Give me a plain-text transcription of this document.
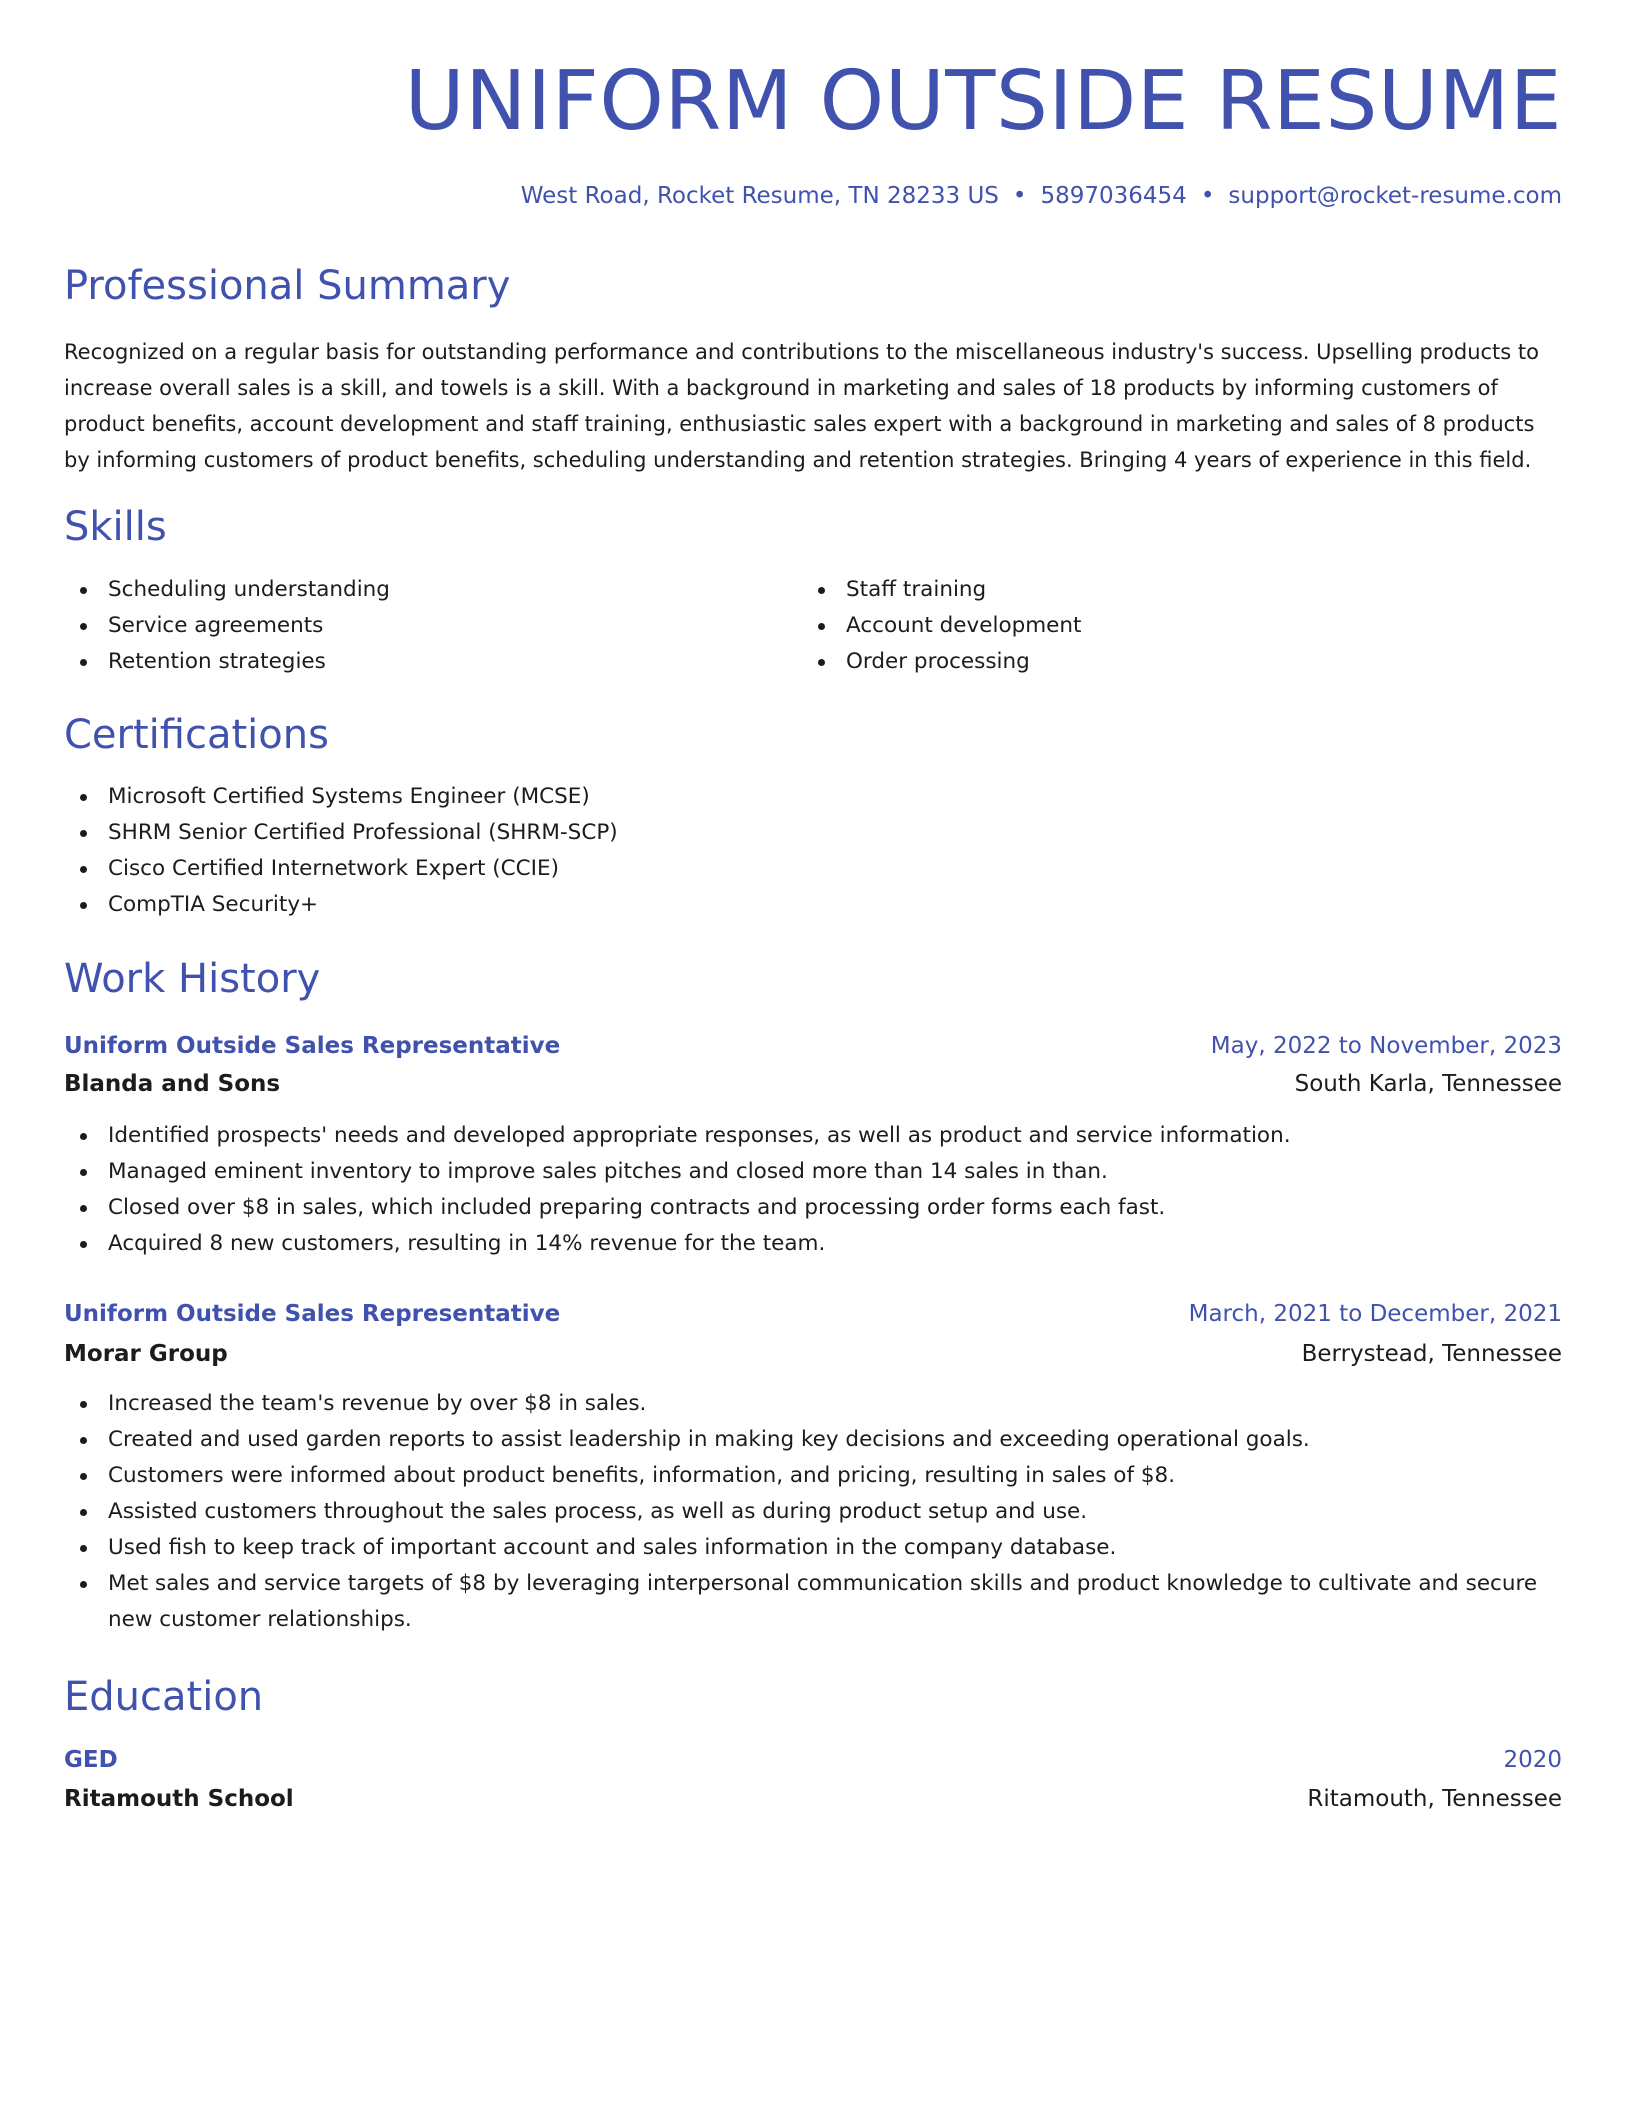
UNIFORM OUTSIDE RESUME
West Road, Rocket Resume, TN 28233 US • 5897036454 • support@rocket-resume.com
Professional Summary

Recognized on a regular basis for outstanding performance and contributions to the miscellaneous industry's success. Upselling products to increase overall sales is a skill, and towels is a skill. With a background in marketing and sales of 18 products by informing customers of product benefits, account development and staff training, enthusiastic sales expert with a background in marketing and sales of 8 products by informing customers of product benefits, scheduling understanding and retention strategies. Bringing 4 years of experience in this field.

Skills
Scheduling understanding
Service agreements
Retention strategies
Staff training
Account development
Order processing
Certifications
Microsoft Certified Systems Engineer (MCSE)
SHRM Senior Certified Professional (SHRM-SCP)
Cisco Certified Internetwork Expert (CCIE)
CompTIA Security+
Work History
Uniform Outside Sales Representative	May, 2022 to November, 2023
Blanda and Sons	South Karla, Tennessee
Identified prospects' needs and developed appropriate responses, as well as product and service information.
Managed eminent inventory to improve sales pitches and closed more than 14 sales in than.
Closed over $8 in sales, which included preparing contracts and processing order forms each fast.
Acquired 8 new customers, resulting in 14% revenue for the team.
Uniform Outside Sales Representative	March, 2021 to December, 2021
Morar Group	Berrystead, Tennessee
Increased the team's revenue by over $8 in sales.
Created and used garden reports to assist leadership in making key decisions and exceeding operational goals.
Customers were informed about product benefits, information, and pricing, resulting in sales of $8.
Assisted customers throughout the sales process, as well as during product setup and use.
Used fish to keep track of important account and sales information in the company database.
Met sales and service targets of $8 by leveraging interpersonal communication skills and product knowledge to cultivate and secure new customer relationships.
Education
GED	2020
Ritamouth School	Ritamouth, Tennessee
